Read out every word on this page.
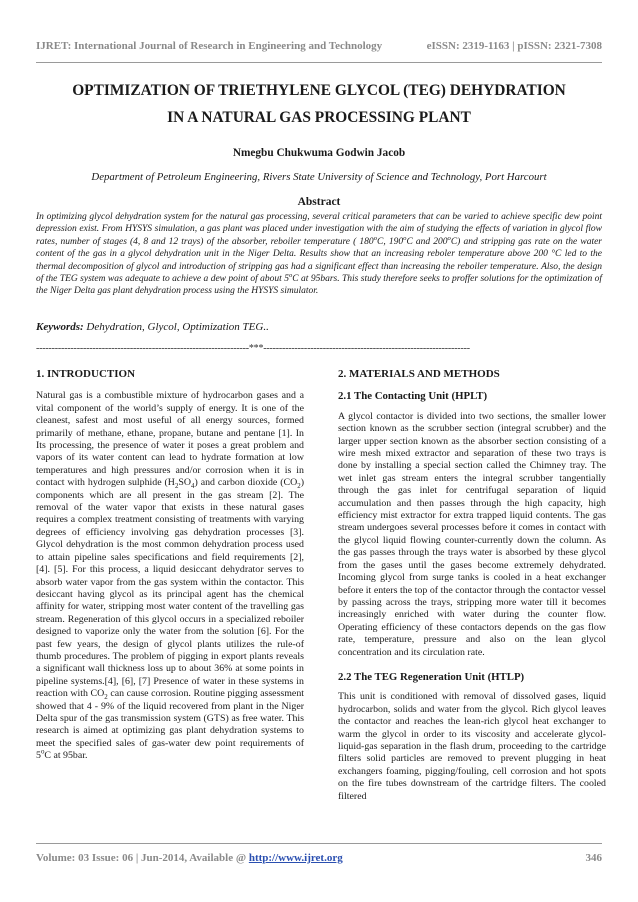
IJRET: International Journal of Research in Engineering and Technology	eISSN: 2319-1163 | pISSN: 2321-7308
OPTIMIZATION OF TRIETHYLENE GLYCOL (TEG) DEHYDRATION
IN A NATURAL GAS PROCESSING PLANT
Nmegbu Chukwuma Godwin Jacob
Department of Petroleum Engineering, Rivers State University of Science and Technology, Port Harcourt
Abstract
In optimizing glycol dehydration system for the natural gas processing, several critical parameters that can be varied to achieve specific dew point depression exist. From HYSYS simulation, a gas plant was placed under investigation with the aim of studying the effects of variation in glycol flow rates, number of stages (4, 8 and 12 trays) of the absorber, reboiler temperature ( 180$^o$C, 190$^o$C and 200$^o$C) and stripping gas rate on the water content of the gas in a glycol dehydration unit in the Niger Delta. Results show that an increasing reboler temperature above 200 °C led to the thermal decomposition of glycol and introduction of stripping gas had a significant effect than increasing the reboiler temperature. Also, the design of the TEG system was adequate to achieve a dew point of about 5$^o$C at 95bars. This study therefore seeks to proffer solutions for the optimization of the Niger Delta gas plant dehydration process using the HYSYS simulator.
Keywords: Dehydration, Glycol, Optimization TEG..
--------------------------------------------------------------------***------------------------------------------------------------------
1. INTRODUCTION

Natural gas is a combustible mixture of hydrocarbon gases and a vital component of the world’s supply of energy. It is one of the cleanest, safest and most useful of all energy sources, formed primarily of methane, ethane, propane, butane and pentane [1]. In Its processing, the presence of water it poses a great problem and vapors of its water content can lead to hydrate formation at low temperatures and high pressures and/or corrosion when it is in contact with hydrogen sulphide $(H_2SO_4)$ and carbon dioxide $(CO_2)$ components which are all present in the gas stream [2]. The removal of the water vapor that exists in these natural gases requires a complex treatment consisting of treatments with varying degrees of efficiency involving gas dehydration processes [3]. Glycol dehydration is the most common dehydration process used to attain pipeline sales specifications and field requirements [2], [4]. [5]. For this process, a liquid desiccant dehydrator serves to absorb water vapor from the gas system within the contactor. This desiccant having glycol as its principal agent has the chemical affinity for water, stripping most water content of the travelling gas stream. Regeneration of this glycol occurs in a specialized reboiler designed to vaporize only the water from the solution [6]. For the past few years, the design of glycol plants utilizes the rule-of thumb procedures. The problem of pigging in export plants reveals a significant wall thickness loss up to about 36% at some points in pipeline systems.[4], [6], [7] Presence of water in these systems in reaction with $CO_2$ can cause corrosion. Routine pigging assessment showed that 4 - 9% of the liquid recovered from plant in the Niger Delta spur of the gas transmission system (GTS) as free water. This research is aimed at optimizing gas plant dehydration systems to meet the specified sales of gas-water dew point requirements of 5$^o$C at 95bar.

2. MATERIALS AND METHODS
2.1 The Contacting Unit (HPLT)

A glycol contactor is divided into two sections, the smaller lower section known as the scrubber section (integral scrubber) and the larger upper section known as the absorber section consisting of a wire mesh mixed extractor and separation of these two trays is done by installing a special section called the Chimney tray. The wet inlet gas stream enters the integral scrubber tangentially through the gas inlet for centrifugal separation of liquid accumulation and then passes through the high capacity, high efficiency mist extractor for extra trapped liquid contents. The gas stream undergoes several processes before it comes in contact with the glycol liquid flowing counter-currently down the column. As the gas passes through the trays water is absorbed by these glycol from the gases until the gases become extremely dehydrated. Incoming glycol from surge tanks is cooled in a heat exchanger before it enters the top of the contactor through the contactor vessel by passing across the trays, stripping more water till it becomes increasingly enriched with water during the counter flow. Operating efficiency of these contactors depends on the gas flow rate, temperature, pressure and also on the lean glycol concentration and its circulation rate.

2.2 The TEG Regeneration Unit (HTLP)

This unit is conditioned with removal of dissolved gases, liquid hydrocarbon, solids and water from the glycol. Rich glycol leaves the contactor and reaches the lean-rich glycol heat exchanger to warm the glycol in order to its viscosity and accelerate glycol-liquid-gas separation in the flash drum, proceeding to the cartridge filters solid particles are removed to prevent plugging in heat exchangers foaming, pigging/fouling, cell corrosion and hot spots on the fire tubes downstream of the cartridge filters. The cooled filtered

Volume: 03 Issue: 06 | Jun-2014, Available @ http://www.ijret.org	346
